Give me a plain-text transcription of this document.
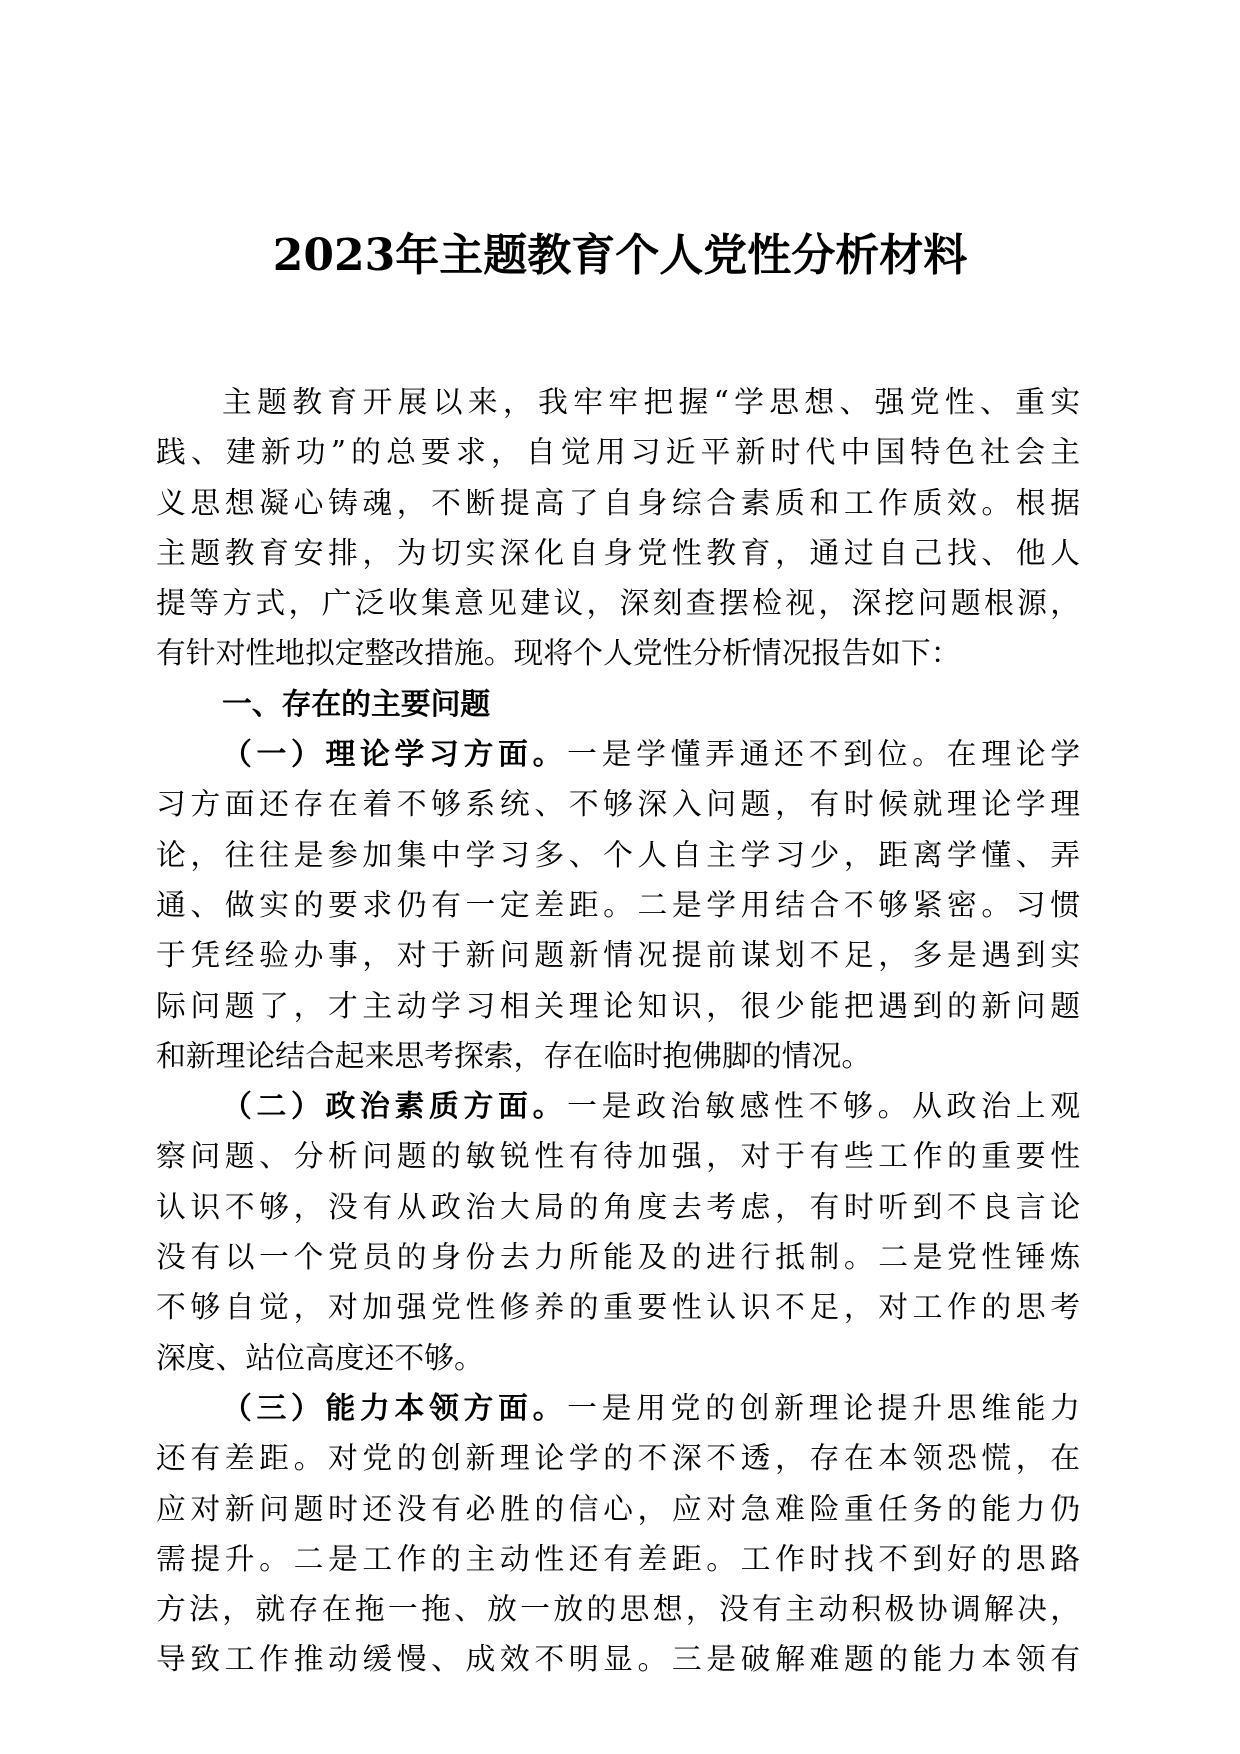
2023年主题教育个人党性分析材料
主题教育开展以来，我牢牢把握“学思想、强党性、重实
践、建新功”的总要求，自觉用习近平新时代中国特色社会主
义思想凝心铸魂，不断提高了自身综合素质和工作质效。根据
主题教育安排，为切实深化自身党性教育，通过自己找、他人
提等方式，广泛收集意见建议，深刻查摆检视，深挖问题根源，
有针对性地拟定整改措施。现将个人党性分析情况报告如下：
一、存在的主要问题
（一）理论学习方面。一是学懂弄通还不到位。在理论学
习方面还存在着不够系统、不够深入问题，有时候就理论学理
论，往往是参加集中学习多、个人自主学习少，距离学懂、弄
通、做实的要求仍有一定差距。二是学用结合不够紧密。习惯
于凭经验办事，对于新问题新情况提前谋划不足，多是遇到实
际问题了，才主动学习相关理论知识，很少能把遇到的新问题
和新理论结合起来思考探索，存在临时抱佛脚的情况。
（二）政治素质方面。一是政治敏感性不够。从政治上观
察问题、分析问题的敏锐性有待加强，对于有些工作的重要性
认识不够，没有从政治大局的角度去考虑，有时听到不良言论
没有以一个党员的身份去力所能及的进行抵制。二是党性锤炼
不够自觉，对加强党性修养的重要性认识不足，对工作的思考
深度、站位高度还不够。
（三）能力本领方面。一是用党的创新理论提升思维能力
还有差距。对党的创新理论学的不深不透，存在本领恐慌，在
应对新问题时还没有必胜的信心，应对急难险重任务的能力仍
需提升。二是工作的主动性还有差距。工作时找不到好的思路
方法，就存在拖一拖、放一放的思想，没有主动积极协调解决，
导致工作推动缓慢、成效不明显。三是破解难题的能力本领有
